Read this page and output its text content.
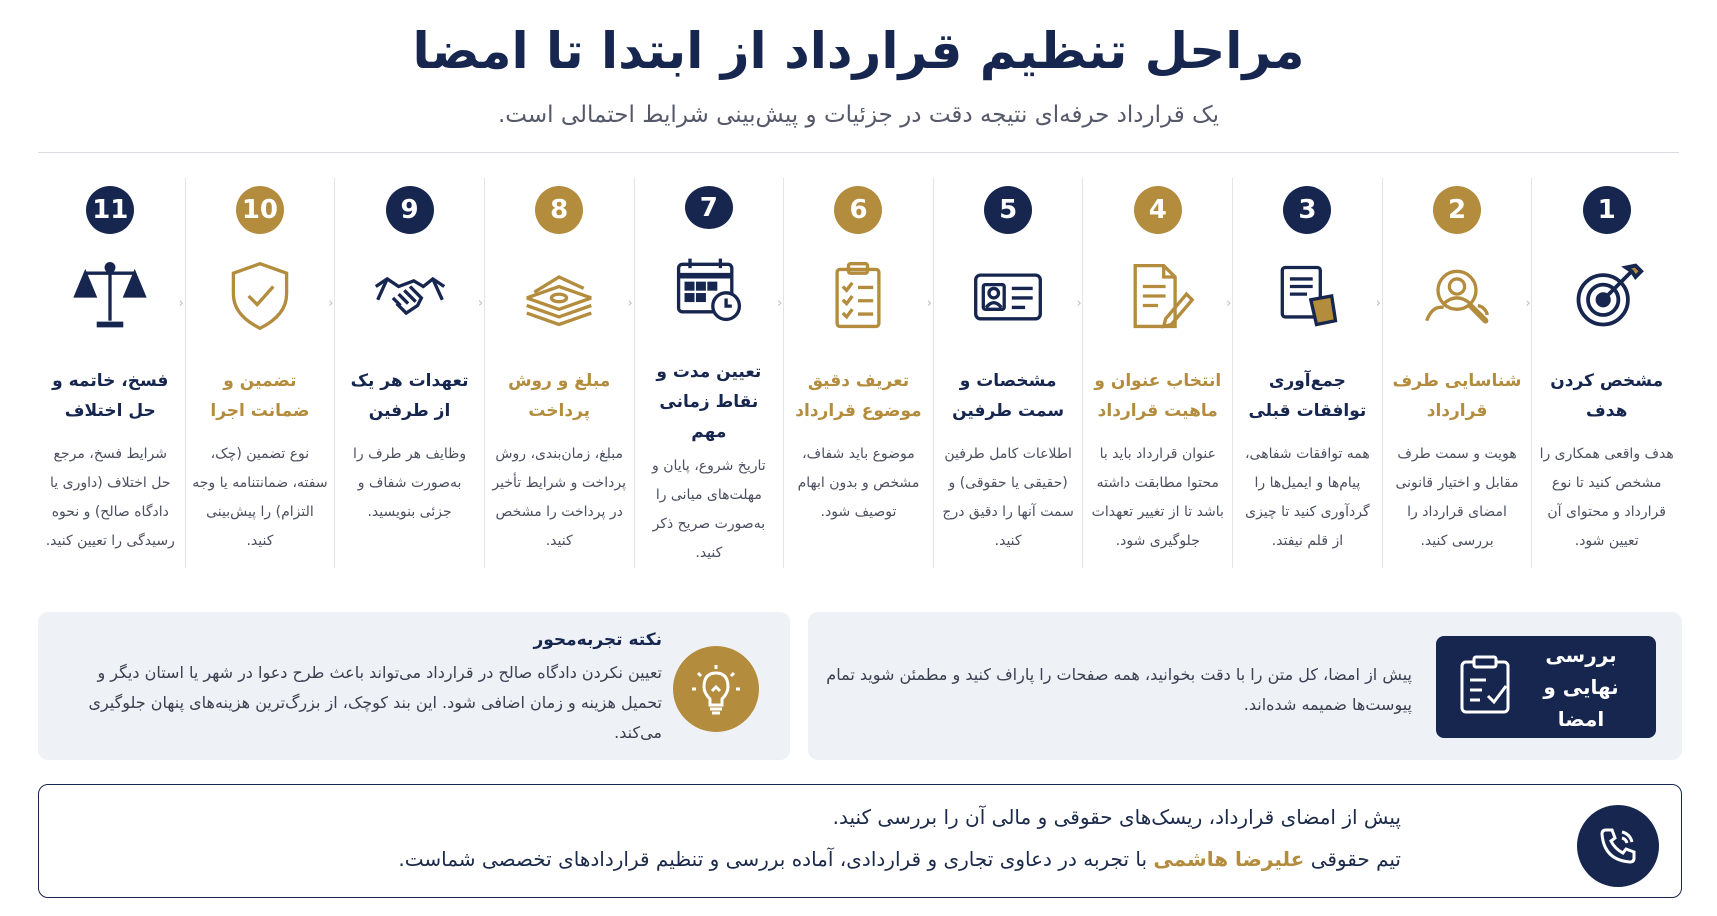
مراحل تنظیم قرارداد از ابتدا تا امضا
یک قرارداد حرفه‌ای نتیجه دقت در جزئیات و پیش‌بینی شرایط احتمالی است.
‹
1
مشخص کردن هدف
هدف واقعی همکاری را مشخص کنید تا نوع قرارداد و محتوای آن تعیین شود.
‹
2
شناسایی طرف قرارداد
هویت و سمت طرف مقابل و اختیار قانونی امضای قرارداد را بررسی کنید.
‹
3
جمع‌آوری توافقات قبلی
همه توافقات شفاهی، پیام‌ها و ایمیل‌ها را گردآوری کنید تا چیزی از قلم نیفتد.
‹
4
انتخاب عنوان و ماهیت قرارداد
عنوان قرارداد باید با محتوا مطابقت داشته باشد تا از تغییر تعهدات جلوگیری شود.
‹
5
مشخصات و سمت طرفین
اطلاعات کامل طرفین (حقیقی یا حقوقی) و سمت آنها را دقیق درج کنید.
‹
6
تعریف دقیق موضوع قرارداد
موضوع باید شفاف، مشخص و بدون ابهام توصیف شود.
‹
7
تعیین مدت و نقاط زمانی مهم
تاریخ شروع، پایان و مهلت‌های میانی را به‌صورت صریح ذکر کنید.
‹
8
مبلغ و روش پرداخت
مبلغ، زمان‌بندی، روش پرداخت و شرایط تأخیر در پرداخت را مشخص کنید.
‹
9
تعهدات هر یک از طرفین
وظایف هر طرف را به‌صورت شفاف و جزئی بنویسید.
‹
10
تضمین و ضمانت اجرا
نوع تضمین (چک، سفته، ضمانتنامه یا وجه التزام) را پیش‌بینی کنید.
11
فسخ، خاتمه و حل اختلاف
شرایط فسخ، مرجع حل اختلاف (داوری یا دادگاه صالح) و نحوه رسیدگی را تعیین کنید.
بررسی نهایی و امضا
پیش از امضا، کل متن را با دقت بخوانید، همه صفحات را پاراف کنید و مطمئن شوید تمام پیوست‌ها ضمیمه شده‌اند.
نکته تجربه‌محور
تعیین نکردن دادگاه صالح در قرارداد می‌تواند باعث طرح دعوا در شهر یا استان دیگر و تحمیل هزینه و زمان اضافی شود. این بند کوچک، از بزرگ‌ترین هزینه‌های پنهان جلوگیری می‌کند.
پیش از امضای قرارداد، ریسک‌های حقوقی و مالی آن را بررسی کنید.
تیم حقوقی علیرضا هاشمی با تجربه در دعاوی تجاری و قراردادی، آماده بررسی و تنظیم قراردادهای تخصصی شماست.
